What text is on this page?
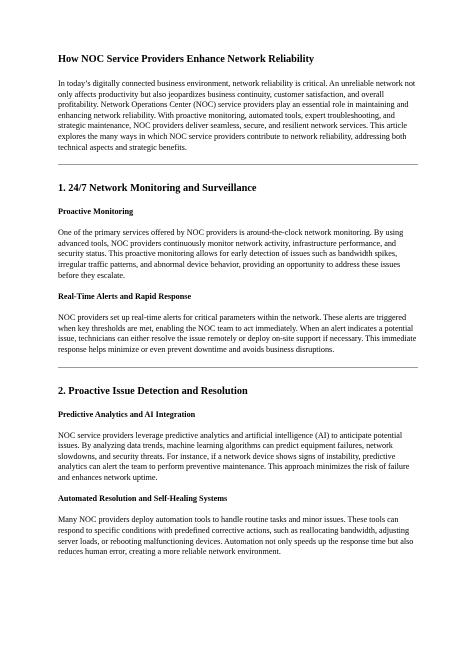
How NOC Service Providers Enhance Network Reliability

In today’s digitally connected business environment, network reliability is critical. An unreliable network not only affects productivity but also jeopardizes business continuity, customer satisfaction, and overall profitability. Network Operations Center (NOC) service providers play an essential role in maintaining and enhancing network reliability. With proactive monitoring, automated tools, expert troubleshooting, and strategic maintenance, NOC providers deliver seamless, secure, and resilient network services. This article explores the many ways in which NOC service providers contribute to network reliability, addressing both technical aspects and strategic benefits.

1. 24/7 Network Monitoring and Surveillance
Proactive Monitoring

One of the primary services offered by NOC providers is around-the-clock network monitoring. By using advanced tools, NOC providers continuously monitor network activity, infrastructure performance, and security status. This proactive monitoring allows for early detection of issues such as bandwidth spikes, irregular traffic patterns, and abnormal device behavior, providing an opportunity to address these issues before they escalate.

Real-Time Alerts and Rapid Response

NOC providers set up real-time alerts for critical parameters within the network. These alerts are triggered when key thresholds are met, enabling the NOC team to act immediately. When an alert indicates a potential issue, technicians can either resolve the issue remotely or deploy on-site support if necessary. This immediate response helps minimize or even prevent downtime and avoids business disruptions.

2. Proactive Issue Detection and Resolution
Predictive Analytics and AI Integration

NOC service providers leverage predictive analytics and artificial intelligence (AI) to anticipate potential issues. By analyzing data trends, machine learning algorithms can predict equipment failures, network slowdowns, and security threats. For instance, if a network device shows signs of instability, predictive analytics can alert the team to perform preventive maintenance. This approach minimizes the risk of failure and enhances network uptime.

Automated Resolution and Self-Healing Systems

Many NOC providers deploy automation tools to handle routine tasks and minor issues. These tools can respond to specific conditions with predefined corrective actions, such as reallocating bandwidth, adjusting server loads, or rebooting malfunctioning devices. Automation not only speeds up the response time but also reduces human error, creating a more reliable network environment.
